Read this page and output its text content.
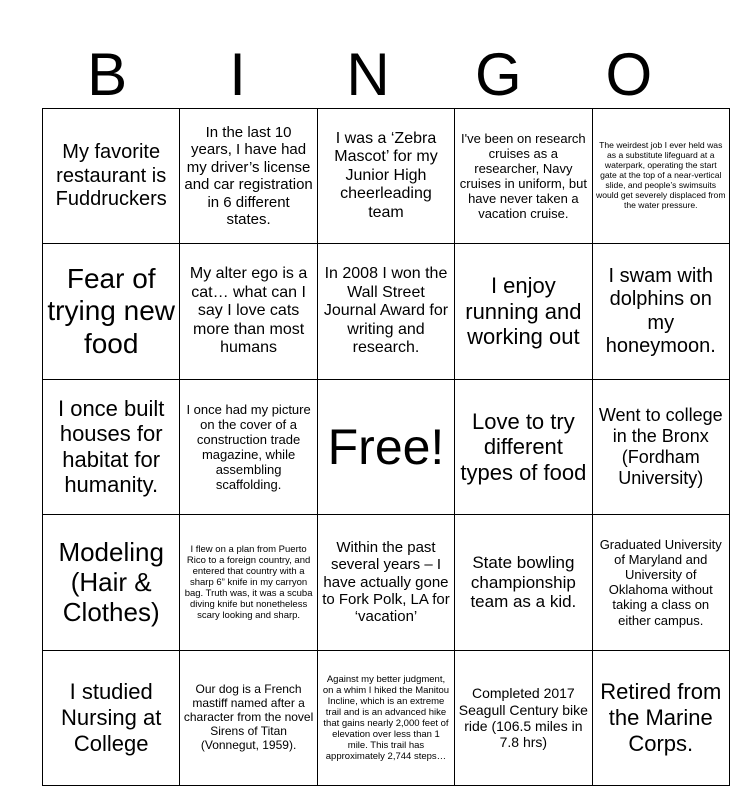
B	I	N	G	O
My favorite restaurant is Fuddruckers	In the last 10 years, I have had my driver’s license and car registration in 6 different states.	I was a ‘Zebra Mascot’ for my Junior High cheerleading team	I've been on research cruises as a researcher, Navy cruises in uniform, but have never taken a vacation cruise.	The weirdest job I ever held was as a substitute lifeguard at a waterpark, operating the start gate at the top of a near-vertical slide, and people’s swimsuits would get severely displaced from the water pressure.

Fear of trying new food	My alter ego is a cat… what can I say I love cats more than most humans	In 2008 I won the Wall Street Journal Award for writing and research.	I enjoy running and working out	I swam with dolphins on my honeymoon.

I once built houses for habitat for humanity.	I once had my picture on the cover of a construction trade magazine, while assembling scaffolding.	Free!	Love to try different types of food	Went to college in the Bronx (Fordham University)

Modeling (Hair & Clothes)	I flew on a plan from Puerto Rico to a foreign country, and entered that country with a sharp 6” knife in my carryon bag. Truth was, it was a scuba diving knife but nonetheless scary looking and sharp.	Within the past several years – I have actually gone to Fork Polk, LA for ‘vacation’	State bowling championship team as a kid.	Graduated University of Maryland and University of Oklahoma without taking a class on either campus.

I studied Nursing at College	Our dog is a French mastiff named after a character from the novel Sirens of Titan (Vonnegut, 1959).	Against my better judgment, on a whim I hiked the Manitou Incline, which is an extreme trail and is an advanced hike that gains nearly 2,000 feet of elevation over less than 1 mile. This trail has approximately 2,744 steps…	Completed 2017 Seagull Century bike ride (106.5 miles in 7.8 hrs)	Retired from the Marine Corps.
